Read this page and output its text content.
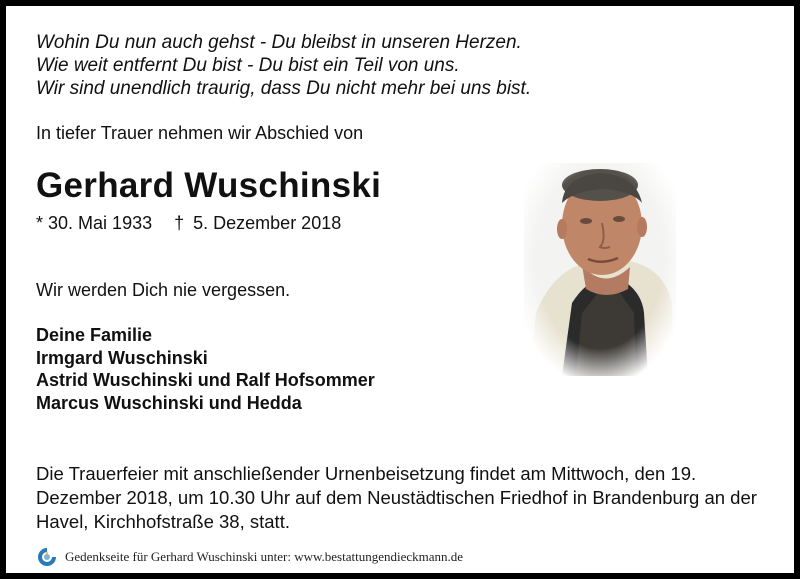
Wohin Du nun auch gehst - Du bleibst in unseren Herzen.
Wie weit entfernt Du bist - Du bist ein Teil von uns.
Wir sind unendlich traurig, dass Du nicht mehr bei uns bist.
In tiefer Trauer nehmen wir Abschied von
Gerhard Wuschinski
* 30. Mai 1933 † 5. Dezember 2018
Wir werden Dich nie vergessen.
Deine Familie
Irmgard Wuschinski
Astrid Wuschinski und Ralf Hofsommer
Marcus Wuschinski und Hedda
Die Trauerfeier mit anschließender Urnenbeisetzung findet am Mittwoch, den 19. Dezember 2018, um 10.30 Uhr auf dem Neustädtischen Friedhof in Brandenburg an der Havel, Kirchhofstraße 38, statt.
Gedenkseite für Gerhard Wuschinski unter: www.bestattungendieckmann.de
